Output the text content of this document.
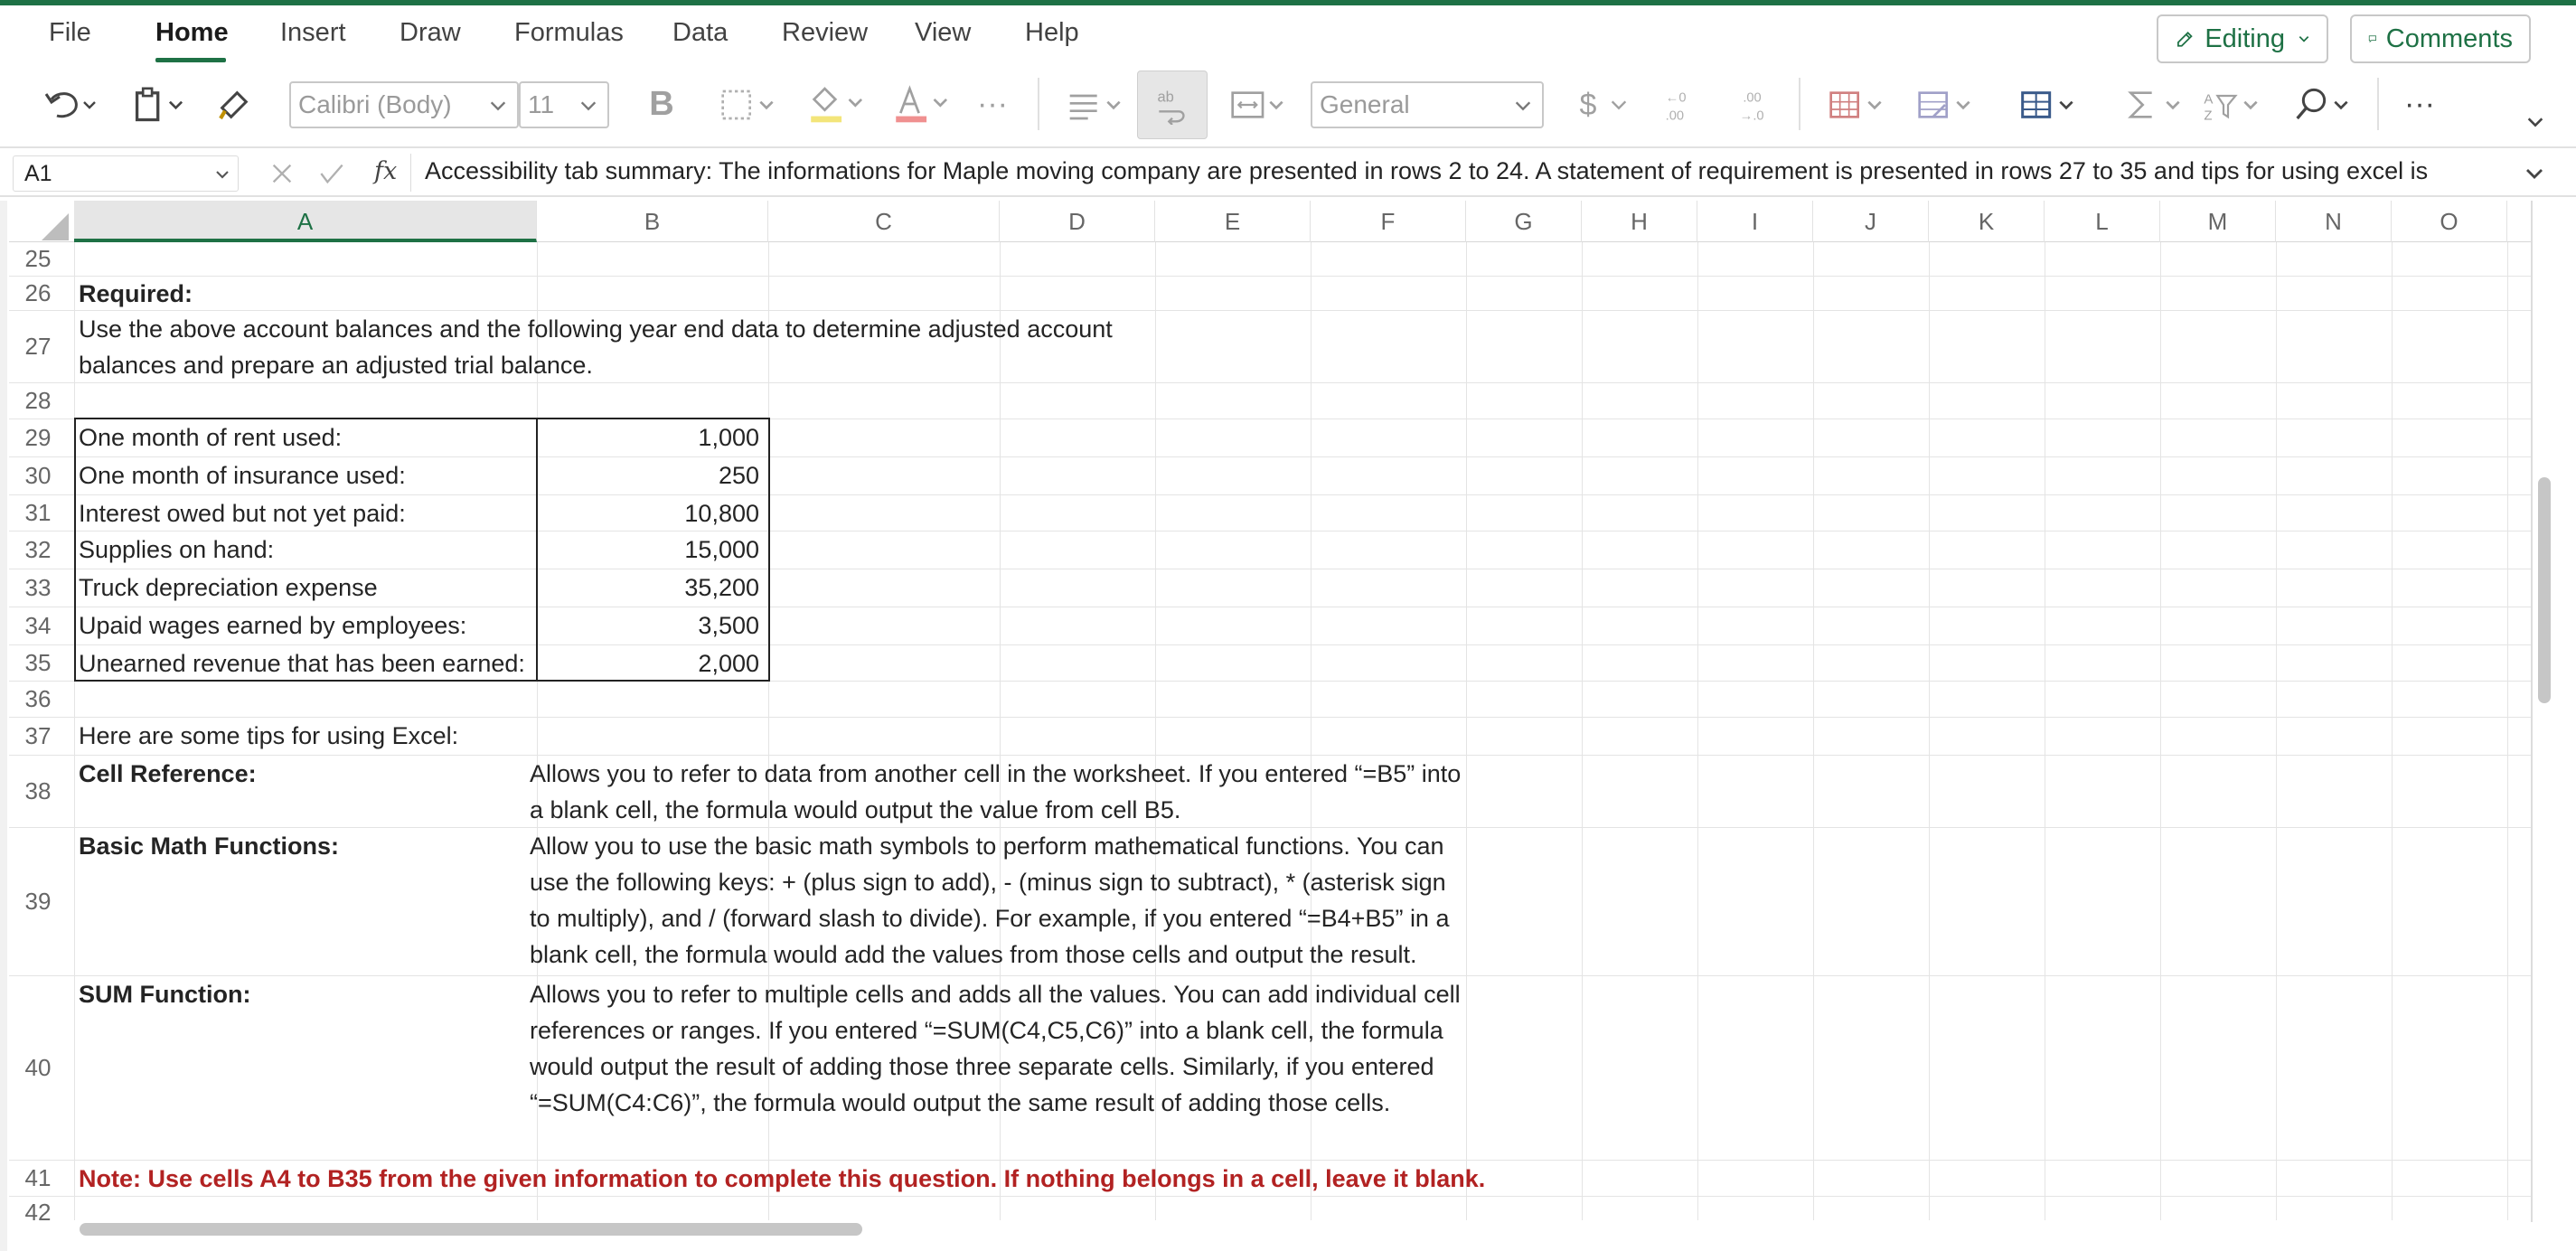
File Home Insert Draw Formulas Data Review View Help	Editing	Comments
Calibri (Body)	11	B	···	ab	General	$	←0
.00
.00
→.0
A
Z	···
A1	fx Accessibility tab summary: The informations for Maple moving company are presented in rows 2 to 24. A statement of requirement is presented in rows 27 to 35 and tips for using excel is
A	B	C	D	E	F	G	H	I	J	K	L	M	N	O
25
26	Required:
27
Use the above account balances and the following year end data to determine adjusted account balances and prepare an adjusted trial balance.
28
29	One month of rent used:	1,000
30	One month of insurance used:	250
31	Interest owed but not yet paid:	10,800
32	Supplies on hand:	15,000
33	Truck depreciation expense	35,200
34	Upaid wages earned by employees:	3,500
35	Unearned revenue that has been earned:	2,000
36
37	Here are some tips for using Excel:
38
Cell Reference:	Allows you to refer to data from another cell in the worksheet. If you entered “=B5” into a blank cell, the formula would output the value from cell B5.
39
Basic Math Functions:	Allow you to use the basic math symbols to perform mathematical functions. You can use the following keys: + (plus sign to add), - (minus sign to subtract), * (asterisk sign to multiply), and / (forward slash to divide). For example, if you entered “=B4+B5” in a blank cell, the formula would add the values from those cells and output the result.
40
SUM Function:	Allows you to refer to multiple cells and adds all the values. You can add individual cell references or ranges. If you entered “=SUM(C4,C5,C6)” into a blank cell, the formula would output the result of adding those three separate cells. Similarly, if you entered “=SUM(C4:C6)”, the formula would output the same result of adding those cells.
41	Note: Use cells A4 to B35 from the given information to complete this question. If nothing belongs in a cell, leave it blank.
42
